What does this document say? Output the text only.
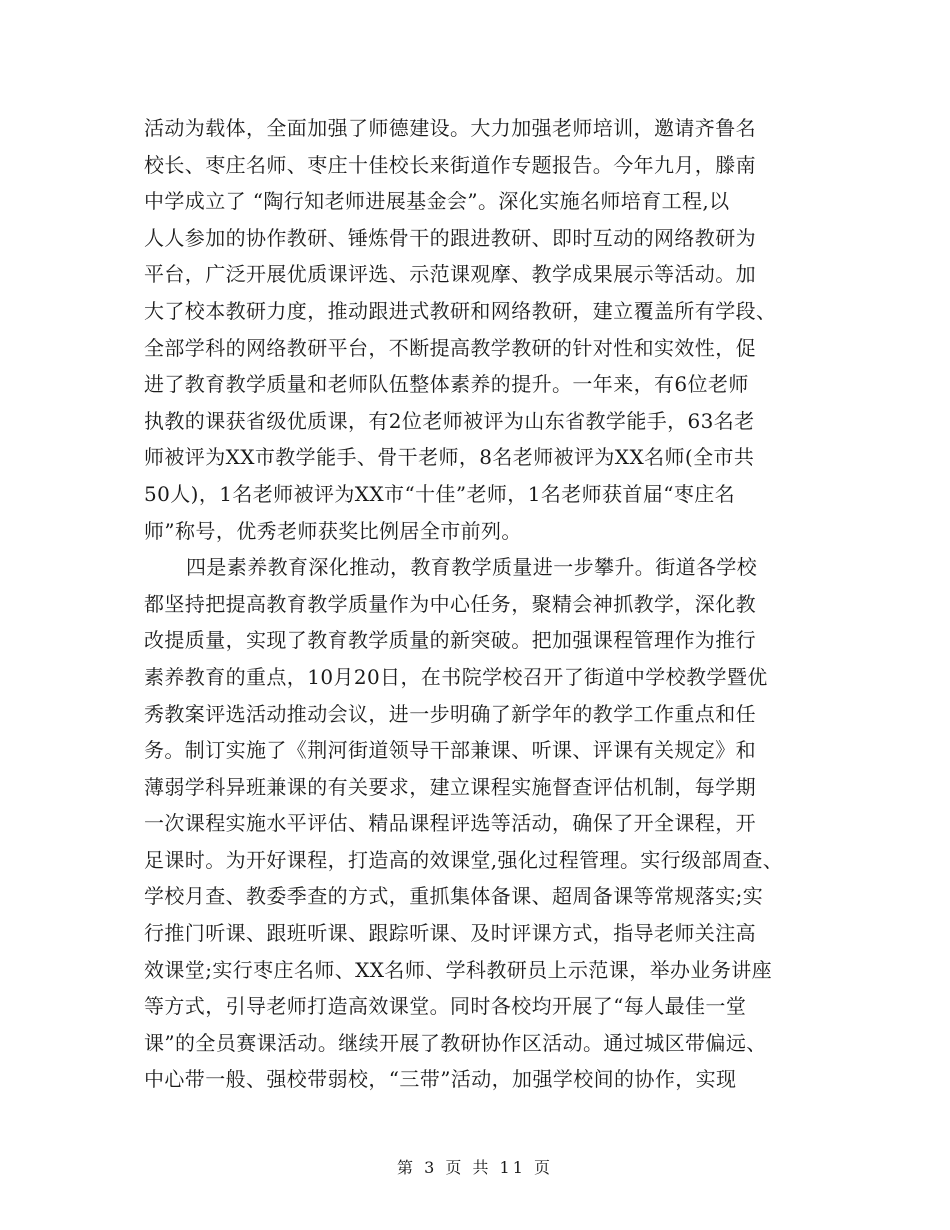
活动为载体，全面加强了师德建设。大力加强老师培训，邀请齐鲁名
校长、枣庄名师、枣庄十佳校长来街道作专题报告。今年九月，滕南
中学成立了 “陶行知老师进展基金会”。深化实施名师培育工程,以
人人参加的协作教研、锤炼骨干的跟进教研、即时互动的网络教研为
平台，广泛开展优质课评选、示范课观摩、教学成果展示等活动。加
大了校本教研力度，推动跟进式教研和网络教研，建立覆盖所有学段、
全部学科的网络教研平台，不断提高教学教研的针对性和实效性，促
进了教育教学质量和老师队伍整体素养的提升。一年来，有6位老师
执教的课获省级优质课，有2位老师被评为山东省教学能手，63名老
师被评为XX市教学能手、骨干老师，8名老师被评为XX名师(全市共
50人)，1名老师被评为XX市“十佳”老师，1名老师获首届“枣庄名
师”称号，优秀老师获奖比例居全市前列。
四是素养教育深化推动，教育教学质量进一步攀升。街道各学校
都坚持把提高教育教学质量作为中心任务，聚精会神抓教学，深化教
改提质量，实现了教育教学质量的新突破。把加强课程管理作为推行
素养教育的重点，10月20日，在书院学校召开了街道中学校教学暨优
秀教案评选活动推动会议，进一步明确了新学年的教学工作重点和任
务。制订实施了《荆河街道领导干部兼课、听课、评课有关规定》和
薄弱学科异班兼课的有关要求，建立课程实施督查评估机制，每学期
一次课程实施水平评估、精品课程评选等活动，确保了开全课程，开
足课时。为开好课程，打造高的效课堂,强化过程管理。实行级部周查、
学校月查、教委季查的方式，重抓集体备课、超周备课等常规落实;实
行推门听课、跟班听课、跟踪听课、及时评课方式，指导老师关注高
效课堂;实行枣庄名师、XX名师、学科教研员上示范课，举办业务讲座
等方式，引导老师打造高效课堂。同时各校均开展了“每人最佳一堂
课”的全员赛课活动。继续开展了教研协作区活动。通过城区带偏远、
中心带一般、强校带弱校，“三带”活动，加强学校间的协作，实现
第 3 页 共 11 页
